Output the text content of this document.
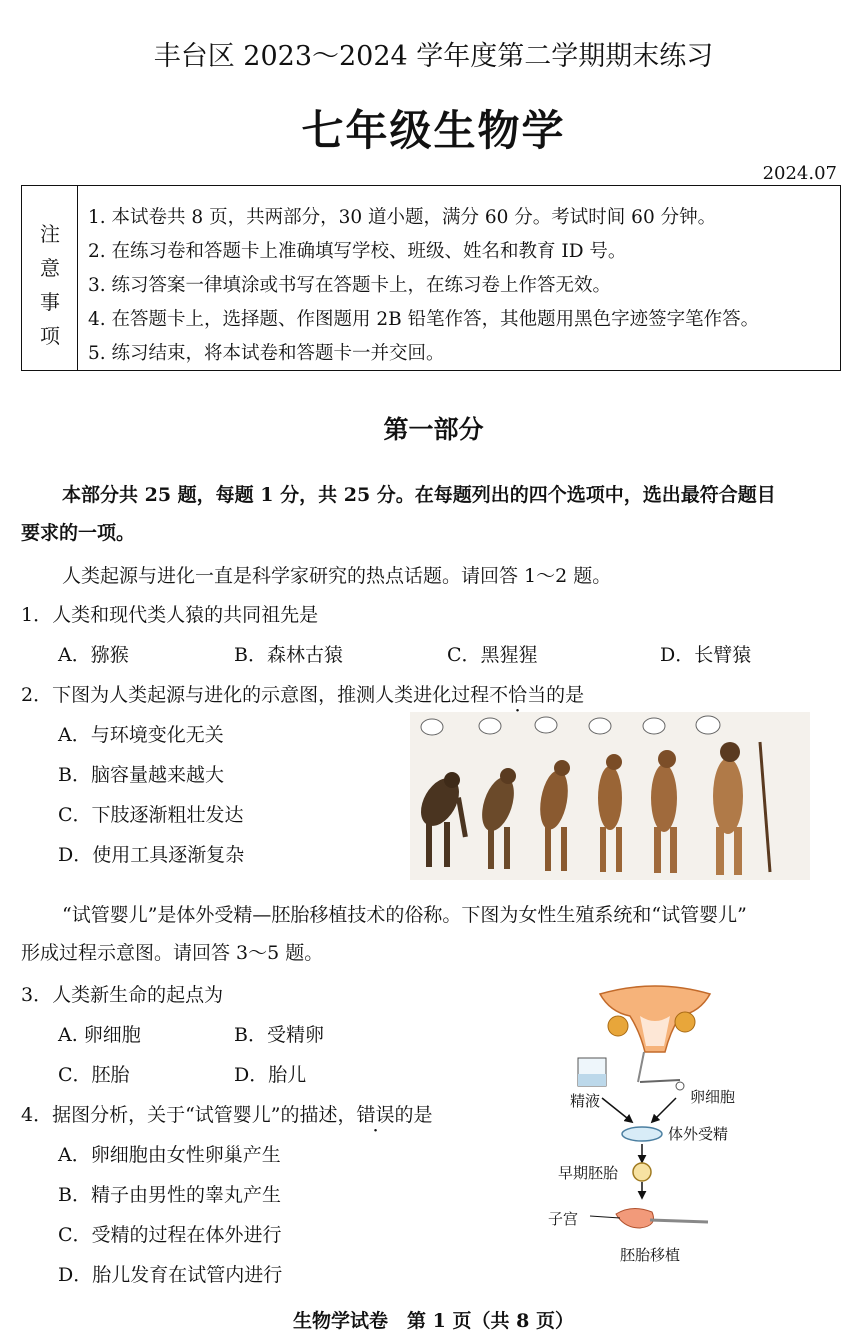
丰台区 2023～2024 学年度第二学期期末练习
七年级生物学
2024.07
注
意
事
项
1. 本试卷共 8 页，共两部分，30 道小题，满分 60 分。考试时间 60 分钟。
2. 在练习卷和答题卡上准确填写学校、班级、姓名和教育 ID 号。
3. 练习答案一律填涂或书写在答题卡上，在练习卷上作答无效。
4. 在答题卡上，选择题、作图题用 2B 铅笔作答，其他题用黑色字迹签字笔作答。
5. 练习结束，将本试卷和答题卡一并交回。
第一部分
本部分共 25 题，每题 1 分，共 25 分。在每题列出的四个选项中，选出最符合题目
要求的一项。
人类起源与进化一直是科学家研究的热点话题。请回答 1～2 题。
1．人类和现代类人猿的共同祖先是
A．猕猴	B．森林古猿	C．黑猩猩	D．长臂猿
2．下图为人类起源与进化的示意图，推测人类进化过程不恰当的是
A．与环境变化无关
B．脑容量越来越大
C．下肢逐渐粗壮发达
D．使用工具逐渐复杂
“试管婴儿”是体外受精—胚胎移植技术的俗称。下图为女性生殖系统和“试管婴儿”
形成过程示意图。请回答 3～5 题。
3．人类新生命的起点为
A. 卵细胞	B．受精卵
C．胚胎	D．胎儿
4．据图分析，关于“试管婴儿”的描述，错误的是
A．卵细胞由女性卵巢产生
B．精子由男性的睾丸产生
C．受精的过程在体外进行
D．胎儿发育在试管内进行
精液	卵细胞
体外受精
早期胚胎
子宫
胚胎移植
生物学试卷　第 1 页（共 8 页）
